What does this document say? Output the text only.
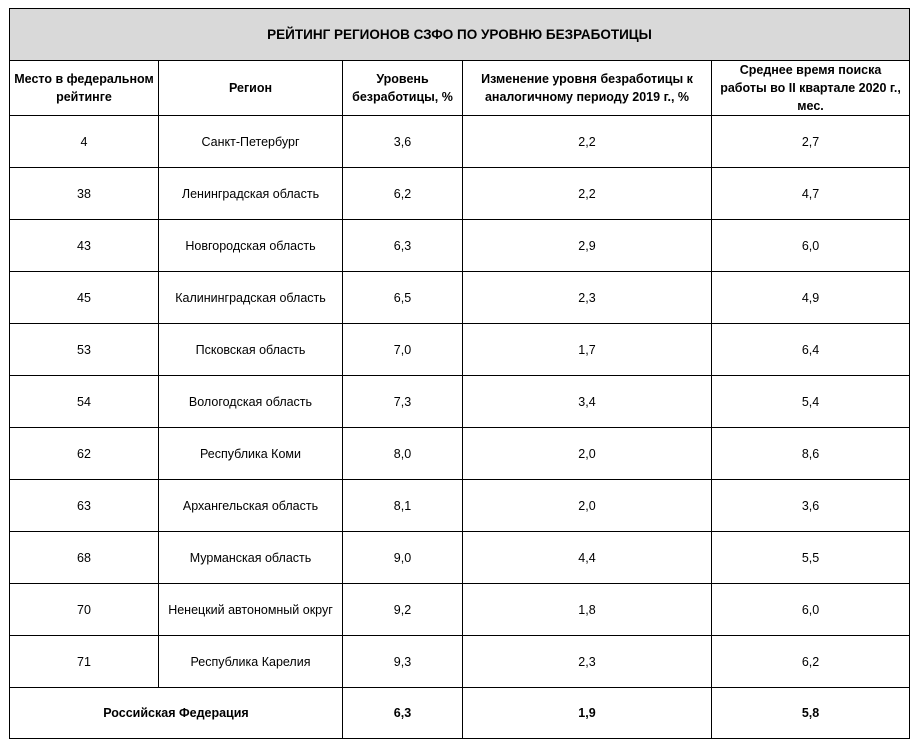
РЕЙТИНГ РЕГИОНОВ СЗФО ПО УРОВНЮ БЕЗРАБОТИЦЫ				
Место в федеральном рейтинге	Регион	Уровень безработицы, %	Изменение уровня безработицы к аналогичному периоду 2019 г., %	Среднее время поиска работы во II квартале 2020 г., мес.
4	Санкт-Петербург	3,6	2,2	2,7
38	Ленинградская область	6,2	2,2	4,7
43	Новгородская область	6,3	2,9	6,0
45	Калининградская область	6,5	2,3	4,9
53	Псковская область	7,0	1,7	6,4
54	Вологодская область	7,3	3,4	5,4
62	Республика Коми	8,0	2,0	8,6
63	Архангельская область	8,1	2,0	3,6
68	Мурманская область	9,0	4,4	5,5
70	Ненецкий автономный округ	9,2	1,8	6,0
71	Республика Карелия	9,3	2,3	6,2
Российская Федерация		6,3	1,9	5,8
